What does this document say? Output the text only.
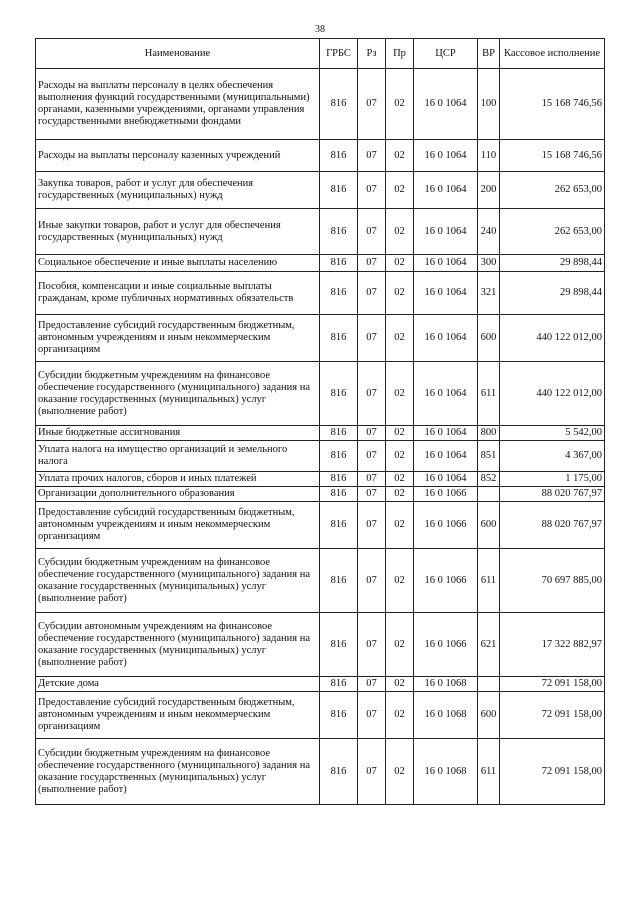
38
Наименование	ГРБС	Рз	Пр	ЦСР	ВР	Кассовое исполнение
Расходы на выплаты персоналу в целях обеспечения выполнения функций государственными (муниципальными) органами, казенными учреждениями, органами управления государственными внебюджетными фондами	816	07	02	16 0 1064	100	15 168 746,56
Расходы на выплаты персоналу казенных учреждений	816	07	02	16 0 1064	110	15 168 746,56
Закупка товаров, работ и услуг для обеспечения государственных (муниципальных) нужд	816	07	02	16 0 1064	200	262 653,00
Иные закупки товаров, работ и услуг для обеспечения государственных (муниципальных) нужд	816	07	02	16 0 1064	240	262 653,00
Социальное обеспечение и иные выплаты населению	816	07	02	16 0 1064	300	29 898,44
Пособия, компенсации и иные социальные выплаты гражданам, кроме публичных нормативных обязательств	816	07	02	16 0 1064	321	29 898,44
Предоставление субсидий государственным бюджетным, автономным учреждениям и иным некоммерческим организациям	816	07	02	16 0 1064	600	440 122 012,00
Субсидии бюджетным учреждениям на финансовое обеспечение государственного (муниципального) задания на оказание государственных (муниципальных) услуг (выполнение работ)	816	07	02	16 0 1064	611	440 122 012,00
Иные бюджетные ассигнования	816	07	02	16 0 1064	800	5 542,00
Уплата налога на имущество организаций и земельного налога	816	07	02	16 0 1064	851	4 367,00
Уплата прочих налогов, сборов и иных платежей	816	07	02	16 0 1064	852	1 175,00
Организации дополнительного образования	816	07	02	16 0 1066		88 020 767,97
Предоставление субсидий государственным бюджетным, автономным учреждениям и иным некоммерческим организациям	816	07	02	16 0 1066	600	88 020 767,97
Субсидии бюджетным учреждениям на финансовое обеспечение государственного (муниципального) задания на оказание государственных (муниципальных) услуг (выполнение работ)	816	07	02	16 0 1066	611	70 697 885,00
Субсидии автономным учреждениям на финансовое обеспечение государственного (муниципального) задания на оказание государственных (муниципальных) услуг (выполнение работ)	816	07	02	16 0 1066	621	17 322 882,97
Детские дома	816	07	02	16 0 1068		72 091 158,00
Предоставление субсидий государственным бюджетным, автономным учреждениям и иным некоммерческим организациям	816	07	02	16 0 1068	600	72 091 158,00
Субсидии бюджетным учреждениям на финансовое обеспечение государственного (муниципального) задания на оказание государственных (муниципальных) услуг (выполнение работ)	816	07	02	16 0 1068	611	72 091 158,00
